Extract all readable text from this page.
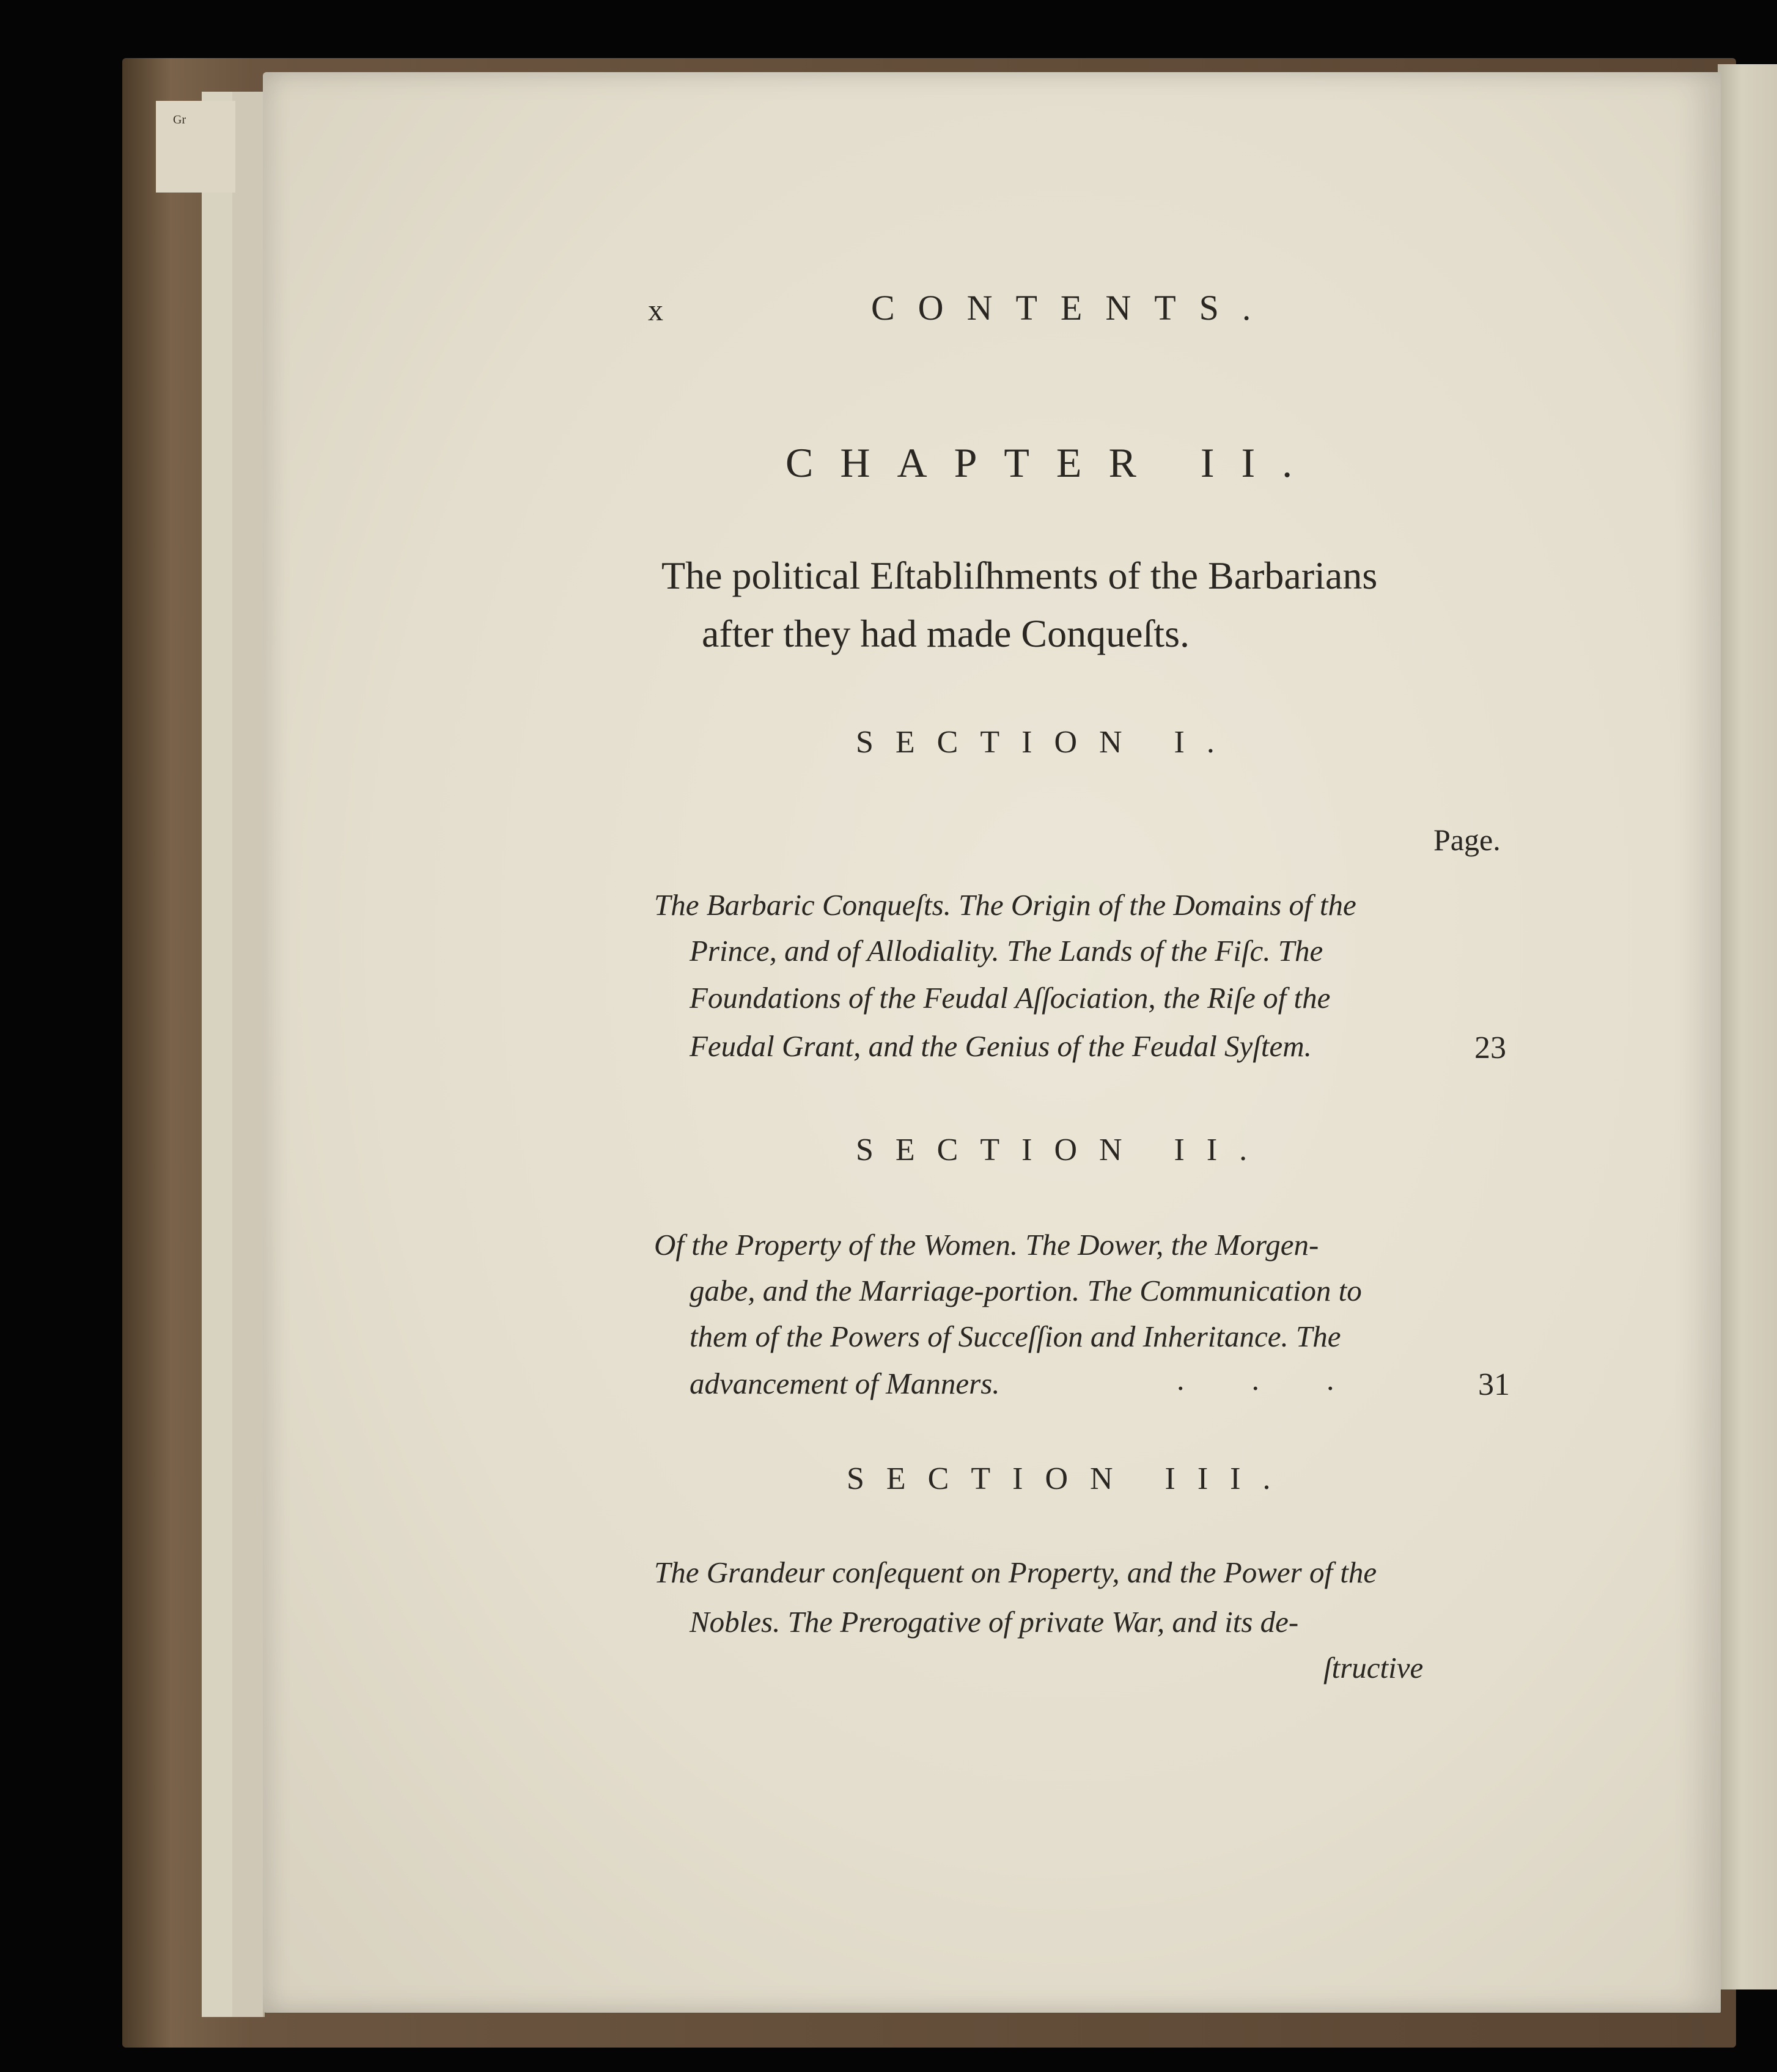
Gr
x	CONTENTS.
CHAPTER II.
The political Eſtabliſhments of the Barbarians
after they had made Conqueſts.
SECTION I.
Page.
The Barbaric Conqueſts. The Origin of the Domains of the
Prince, and of Allodiality. The Lands of the Fiſc. The
Foundations of the Feudal Aſſociation, the Riſe of the
Feudal Grant, and the Genius of the Feudal Syſtem.	23
SECTION II.
Of the Property of the Women. The Dower, the Morgen-
gabe, and the Marriage-portion. The Communication to
them of the Powers of Succeſſion and Inheritance. The
advancement of Manners.	... 31
SECTION III.
The Grandeur conſequent on Property, and the Power of the
Nobles. The Prerogative of private War, and its de-
ſtructive
